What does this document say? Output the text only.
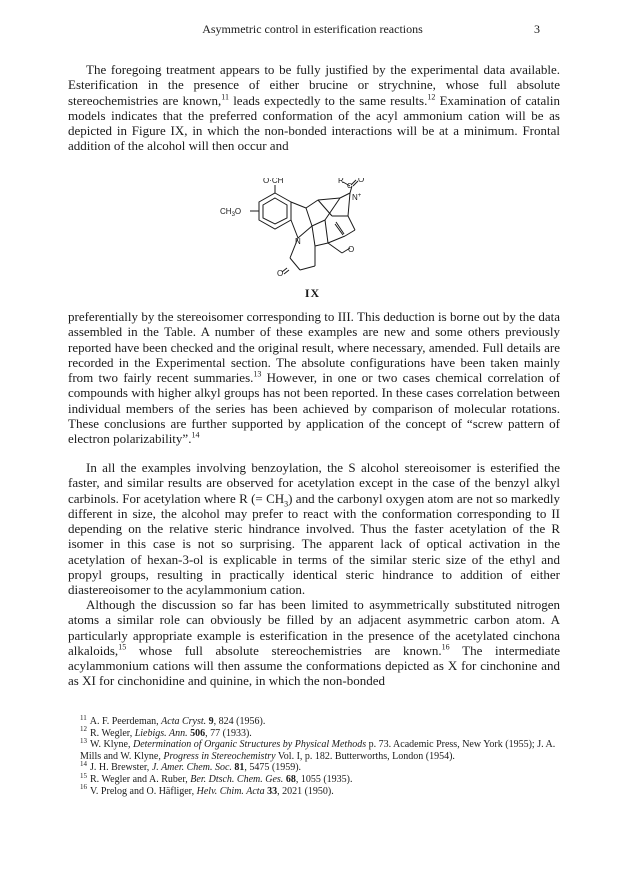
Asymmetric control in esterification reactions	3

The foregoing treatment appears to be fully justified by the experimental data available. Esterification in the presence of either brucine or strychnine, whose full absolute stereochemistries are known,$^{11}$ leads expectedly to the same results.$^{12}$ Examination of catalin models indicates that the preferred conformation of the acyl ammonium cation will be as depicted in Figure IX, in which the non-bonded interactions will be at a minimum. Frontal addition of the alcohol will then occur and

O·CH	R
C
O
N+
$CH_3O$
N
O
O
IX

preferentially by the stereoisomer corresponding to III. This deduction is borne out by the data assembled in the Table. A number of these examples are new and some others previously reported have been checked and the original result, where necessary, amended. Full details are recorded in the Experimental section. The absolute configurations have been taken mainly from two fairly recent summaries.$^{13}$ However, in one or two cases chemical correlation of compounds with higher alkyl groups has not been reported. In these cases correlation between individual members of the series has been achieved by comparison of molecular rotations. These conclusions are further supported by application of the concept of “screw pattern of electron polarizability”.$^{14}$

In all the examples involving benzoylation, the S alcohol stereoisomer is esterified the faster, and similar results are observed for acetylation except in the case of the benzyl alkyl carbinols. For acetylation where R (= $CH_3$) and the carbonyl oxygen atom are not so markedly different in size, the alcohol may prefer to react with the conformation corresponding to II depending on the relative steric hindrance involved. Thus the faster acetylation of the R isomer in this case is not so surprising. The apparent lack of optical activation in the acetylation of hexan-3-ol is explicable in terms of the similar steric size of the ethyl and propyl groups, resulting in practically identical steric hindrance to addition of either diastereoisomer to the acylammonium cation.

Although the discussion so far has been limited to asymmetrically substituted nitrogen atoms a similar role can obviously be filled by an adjacent asymmetric carbon atom. A particularly appropriate example is esterification in the presence of the acetylated cinchona alkaloids,$^{15}$ whose full absolute stereochemistries are known.$^{16}$ The intermediate acylammonium cations will then assume the conformations depicted as X for cinchonine and as XI for cinchonidine and quinine, in which the non-bonded

$^{11}$ A. F. Peerdeman, Acta Cryst. 9, 824 (1956).

$^{12}$ R. Wegler, Liebigs. Ann. 506, 77 (1933).

$^{13}$ W. Klyne, Determination of Organic Structures by Physical Methods p. 73. Academic Press, New York (1955); J. A. Mills and W. Klyne, Progress in Stereochemistry Vol. I, p. 182. Butterworths, London (1954).

$^{14}$ J. H. Brewster, J. Amer. Chem. Soc. 81, 5475 (1959).

$^{15}$ R. Wegler and A. Ruber, Ber. Dtsch. Chem. Ges. 68, 1055 (1935).

$^{16}$ V. Prelog and O. Häfliger, Helv. Chim. Acta 33, 2021 (1950).
